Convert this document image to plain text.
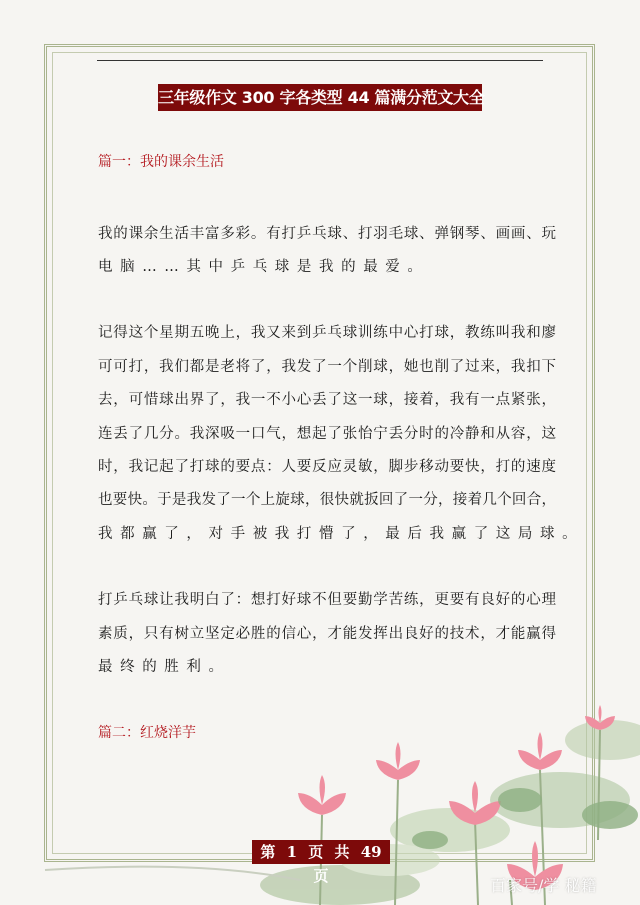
三年级作文 300 字各类型 44 篇满分范文大全
篇一：我的课余生活
我的课余生活丰富多彩。有打乒乓球、打羽毛球、弹钢琴、画画、玩
电脑……其中乒乓球是我的最爱。
记得这个星期五晚上，我又来到乒乓球训练中心打球，教练叫我和廖
可可打，我们都是老将了，我发了一个削球，她也削了过来，我扣下
去，可惜球出界了，我一不小心丢了这一球，接着，我有一点紧张，
连丢了几分。我深吸一口气，想起了张怡宁丢分时的冷静和从容，这
时，我记起了打球的要点：人要反应灵敏，脚步移动要快，打的速度
也要快。于是我发了一个上旋球，很快就扳回了一分，接着几个回合，
我都赢了，对手被我打懵了，最后我赢了这局球。
打乒乓球让我明白了：想打好球不但要勤学苦练，更要有良好的心理
素质，只有树立坚定必胜的信心，才能发挥出良好的技术，才能赢得
最终的胜利。
篇二：红烧洋芋
第 1 页 共 49 页	百家号/学 秘籍
